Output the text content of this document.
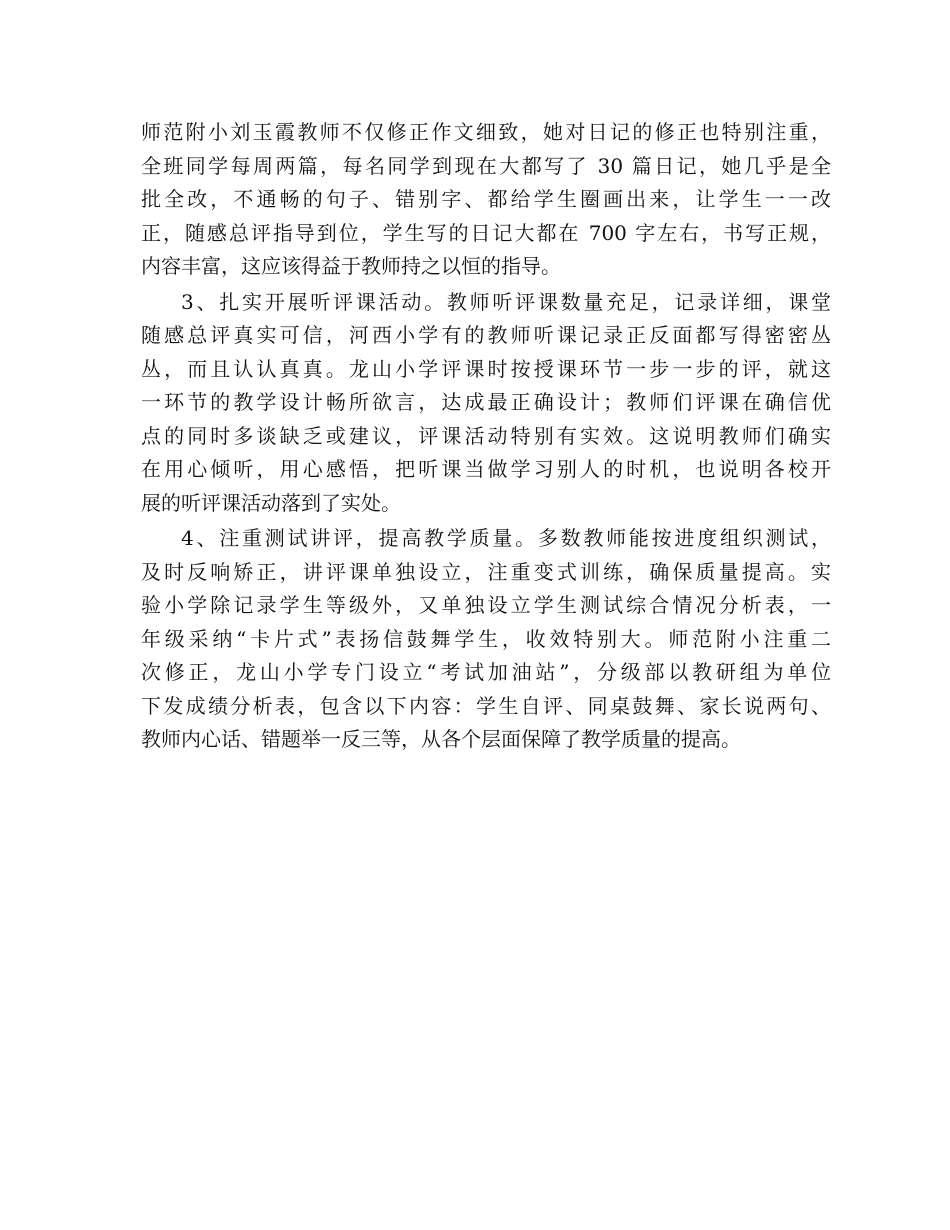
师范附小刘玉霞教师不仅修正作文细致，她对日记的修正也特别注重，
全班同学每周两篇，每名同学到现在大都写了 30 篇日记，她几乎是全
批全改，不通畅的句子、错别字、都给学生圈画出来，让学生一一改
正，随感总评指导到位，学生写的日记大都在 700 字左右，书写正规，
内容丰富，这应该得益于教师持之以恒的指导。
3、扎实开展听评课活动。教师听评课数量充足，记录详细，课堂
随感总评真实可信，河西小学有的教师听课记录正反面都写得密密丛
丛，而且认认真真。龙山小学评课时按授课环节一步一步的评，就这
一环节的教学设计畅所欲言，达成最正确设计；教师们评课在确信优
点的同时多谈缺乏或建议，评课活动特别有实效。这说明教师们确实
在用心倾听，用心感悟，把听课当做学习别人的时机，也说明各校开
展的听评课活动落到了实处。
4、注重测试讲评，提高教学质量。多数教师能按进度组织测试，
及时反响矫正，讲评课单独设立，注重变式训练，确保质量提高。实
验小学除记录学生等级外，又单独设立学生测试综合情况分析表，一
年级采纳“卡片式”表扬信鼓舞学生，收效特别大。师范附小注重二
次修正，龙山小学专门设立“考试加油站”，分级部以教研组为单位
下发成绩分析表，包含以下内容：学生自评、同桌鼓舞、家长说两句、
教师内心话、错题举一反三等，从各个层面保障了教学质量的提高。
